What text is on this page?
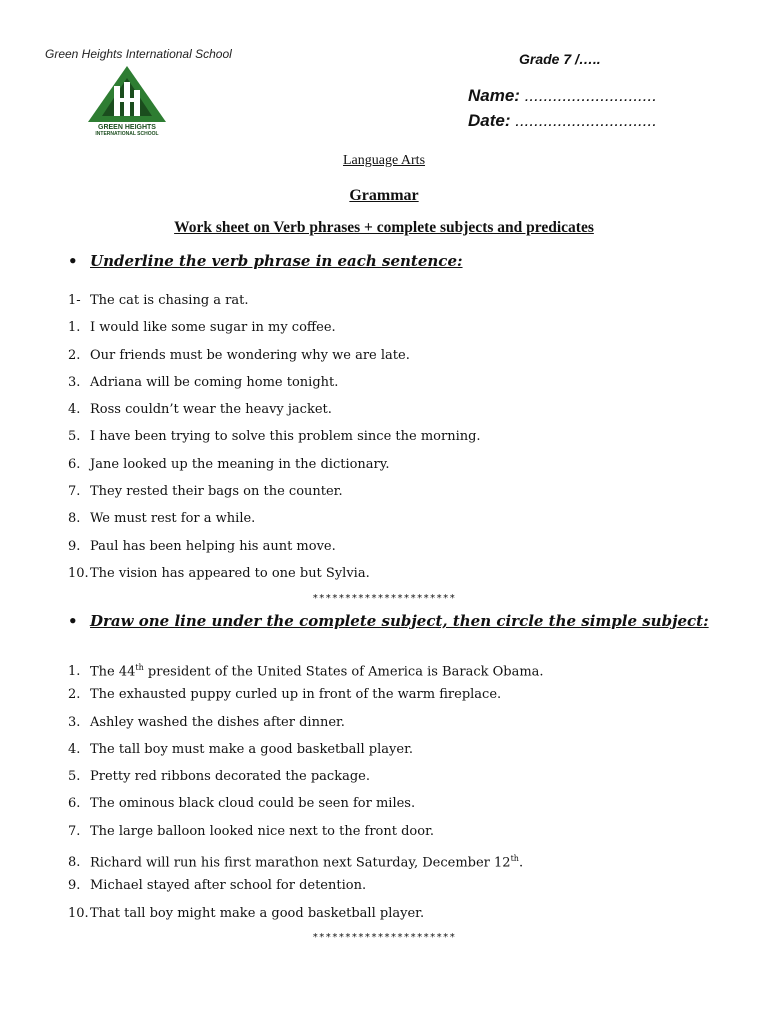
Green Heights International School
GREEN HEIGHTS
INTERNATIONAL SCHOOL
Grade 7 /…..
Name: ............................
Date: ..............................
Language Arts
Grammar
Work sheet on Verb phrases + complete subjects and predicates
• Underline the verb phrase in each sentence:
1- The cat is chasing a rat.
1. I would like some sugar in my coffee.
2. Our friends must be wondering why we are late.
3. Adriana will be coming home tonight.
4. Ross couldn’t wear the heavy jacket.
5. I have been trying to solve this problem since the morning.
6. Jane looked up the meaning in the dictionary.
7. They rested their bags on the counter.
8. We must rest for a while.
9. Paul has been helping his aunt move.
10.The vision has appeared to one but Sylvia.
**********************
• Draw one line under the complete subject, then circle the simple subject:
1. The 44th president of the United States of America is Barack Obama.
2. The exhausted puppy curled up in front of the warm fireplace.
3. Ashley washed the dishes after dinner.
4. The tall boy must make a good basketball player.
5. Pretty red ribbons decorated the package.
6. The ominous black cloud could be seen for miles.
7. The large balloon looked nice next to the front door.
8. Richard will run his first marathon next Saturday, December 12th.
9. Michael stayed after school for detention.
10.That tall boy might make a good basketball player.
**********************
